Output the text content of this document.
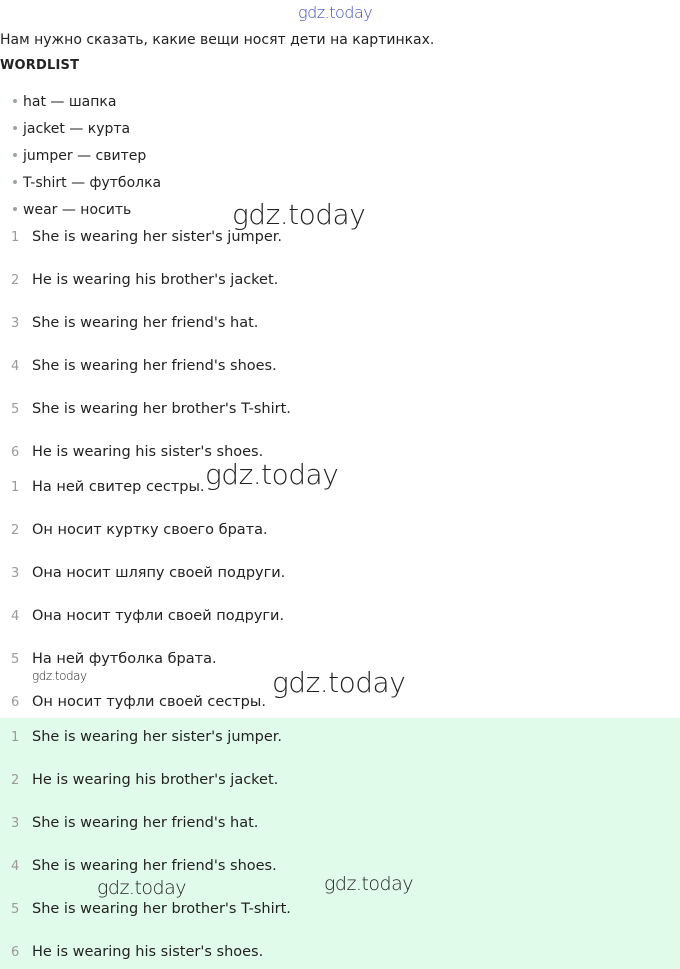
gdz.today
Нам нужно сказать, какие вещи носят дети на картинках.
WORDLIST
hat — шапка
jacket — курта
jumper — свитер
T-shirt — футболка
wear — носить
1 She is wearing her sister's jumper.
2 He is wearing his brother's jacket.
3 She is wearing her friend's hat.
4 She is wearing her friend's shoes.
5 She is wearing her brother's T-shirt.
6 He is wearing his sister's shoes.
1 На ней свитер сестры.
2 Он носит куртку своего брата.
3 Она носит шляпу своей подруги.
4 Она носит туфли своей подруги.
5 На ней футболка брата.
6 Он носит туфли своей сестры.
1 She is wearing her sister's jumper.
2 He is wearing his brother's jacket.
3 She is wearing her friend's hat.
4 She is wearing her friend's shoes.
5 She is wearing her brother's T-shirt.
6 He is wearing his sister's shoes.
gdz.today
gdz.today
gdz.today
gdz.today
gdz.today	gdz.today
